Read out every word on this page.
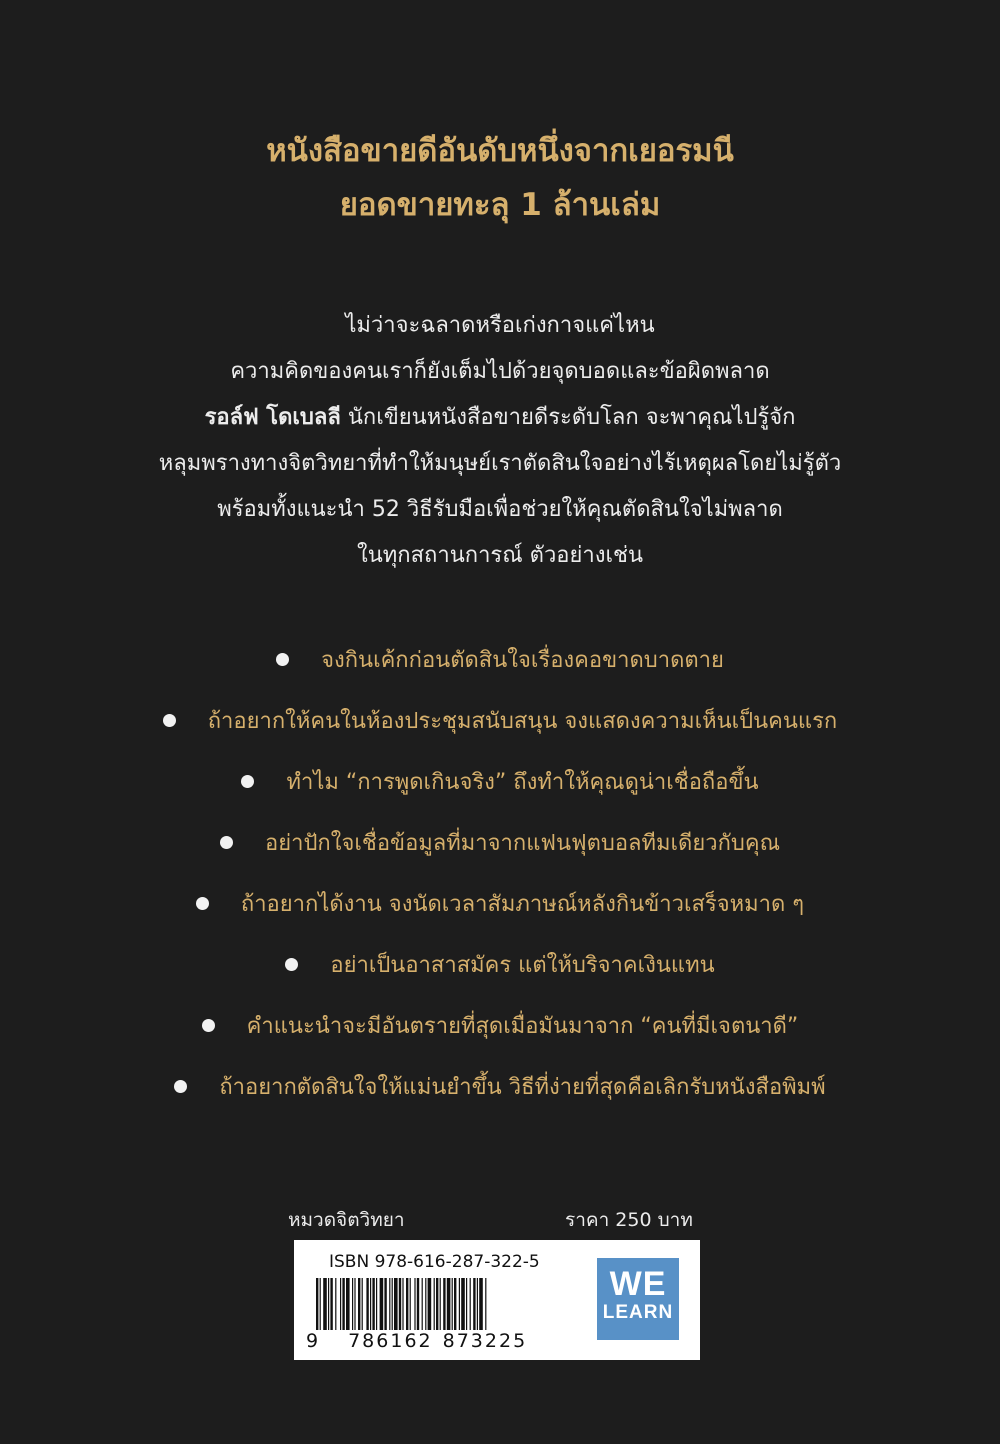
หนังสือขายดีอันดับหนึ่งจากเยอรมนี
ยอดขายทะลุ 1 ล้านเล่ม
ไม่ว่าจะฉลาดหรือเก่งกาจแค่ไหน
ความคิดของคนเราก็ยังเต็มไปด้วยจุดบอดและข้อผิดพลาด
รอล์ฟ โดเบลลี นักเขียนหนังสือขายดีระดับโลก จะพาคุณไปรู้จัก
หลุมพรางทางจิตวิทยาที่ทำให้มนุษย์เราตัดสินใจอย่างไร้เหตุผลโดยไม่รู้ตัว
พร้อมทั้งแนะนำ 52 วิธีรับมือเพื่อช่วยให้คุณตัดสินใจไม่พลาด
ในทุกสถานการณ์ ตัวอย่างเช่น
จงกินเค้กก่อนตัดสินใจเรื่องคอขาดบาดตาย
ถ้าอยากให้คนในห้องประชุมสนับสนุน จงแสดงความเห็นเป็นคนแรก
ทำไม “การพูดเกินจริง” ถึงทำให้คุณดูน่าเชื่อถือขึ้น
อย่าปักใจเชื่อข้อมูลที่มาจากแฟนฟุตบอลทีมเดียวกับคุณ
ถ้าอยากได้งาน จงนัดเวลาสัมภาษณ์หลังกินข้าวเสร็จหมาด ๆ
อย่าเป็นอาสาสมัคร แต่ให้บริจาคเงินแทน
คำแนะนำจะมีอันตรายที่สุดเมื่อมันมาจาก “คนที่มีเจตนาดี”
ถ้าอยากตัดสินใจให้แม่นยำขึ้น วิธีที่ง่ายที่สุดคือเลิกรับหนังสือพิมพ์
หมวดจิตวิทยา	ราคา 250 บาท
ISBN 978-616-287-322-5
9 786162 873225
WE
LEARN
